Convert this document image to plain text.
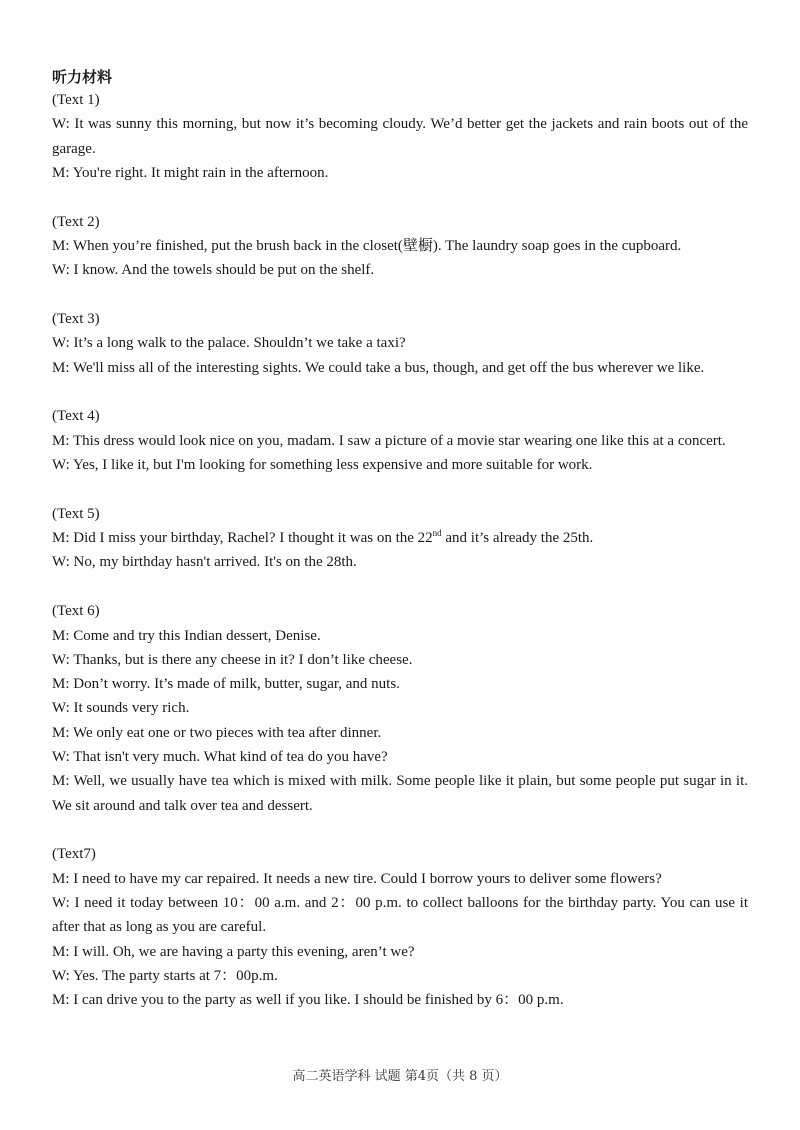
听力材料

(Text 1)

W: It was sunny this morning, but now it’s becoming cloudy. We’d better get the jackets and rain boots out of the garage.

M: You're right. It might rain in the afternoon.

(Text 2)

M: When you’re finished, put the brush back in the closet(壁橱). The laundry soap goes in the cupboard.

W: I know. And the towels should be put on the shelf.

(Text 3)

W: It’s a long walk to the palace. Shouldn’t we take a taxi?

M: We'll miss all of the interesting sights. We could take a bus, though, and get off the bus wherever we like.

(Text 4)

M: This dress would look nice on you, madam. I saw a picture of a movie star wearing one like this at a concert.

W: Yes, I like it, but I'm looking for something less expensive and more suitable for work.

(Text 5)

M: Did I miss your birthday, Rachel? I thought it was on the 22nd and it’s already the 25th.

W: No, my birthday hasn't arrived. It's on the 28th.

(Text 6)

M: Come and try this Indian dessert, Denise.

W: Thanks, but is there any cheese in it? I don’t like cheese.

M: Don’t worry. It’s made of milk, butter, sugar, and nuts.

W: It sounds very rich.

M: We only eat one or two pieces with tea after dinner.

W: That isn't very much. What kind of tea do you have?

M: Well, we usually have tea which is mixed with milk. Some people like it plain, but some people put sugar in it. We sit around and talk over tea and dessert.

(Text7)

M: I need to have my car repaired. It needs a new tire. Could I borrow yours to deliver some flowers?

W: I need it today between 10：00 a.m. and 2：00 p.m. to collect balloons for the birthday party. You can use it after that as long as you are careful.

M: I will. Oh, we are having a party this evening, aren’t we?

W: Yes. The party starts at 7：00p.m.

M: I can drive you to the party as well if you like. I should be finished by 6：00 p.m.

高二英语学科 试题 第4页（共 8 页）
